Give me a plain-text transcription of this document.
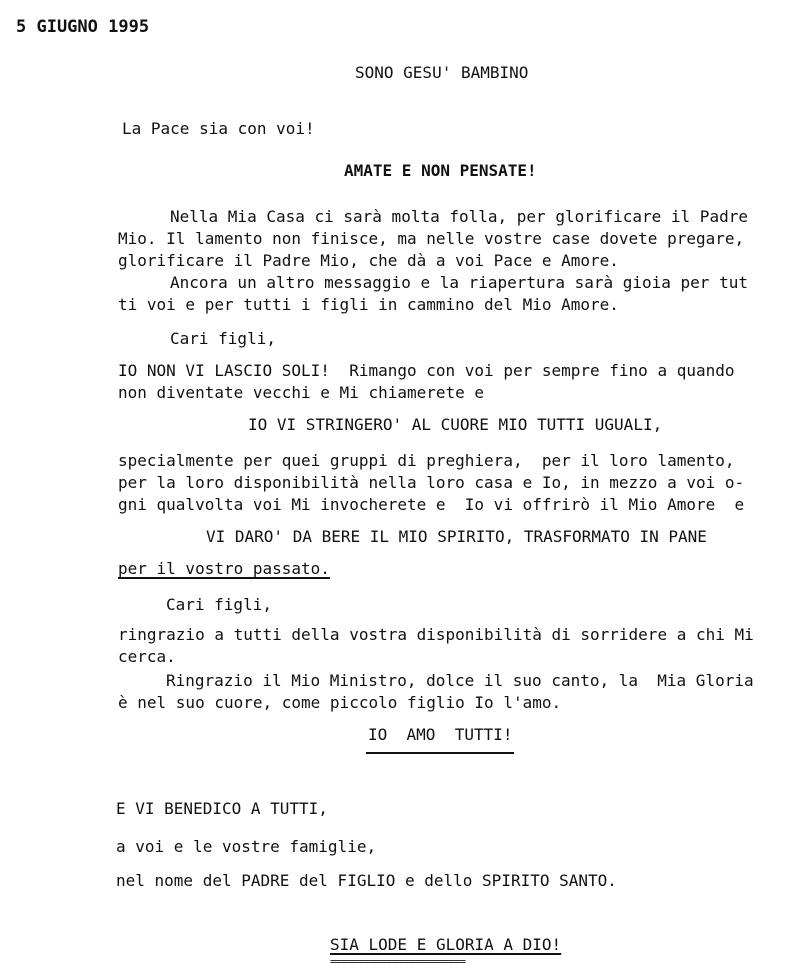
5 GIUGNO 1995
SONO GESU' BAMBINO
La Pace sia con voi!
AMATE E NON PENSATE!
Nella Mia Casa ci sarà molta folla, per glorificare il Padre
Mio. Il lamento non finisce, ma nelle vostre case dovete pregare,
glorificare il Padre Mio, che dà a voi Pace e Amore.
Ancora un altro messaggio e la riapertura sarà gioia per tut
ti voi e per tutti i figli in cammino del Mio Amore.
Cari figli,
IO NON VI LASCIO SOLI!  Rimango con voi per sempre fino a quando
non diventate vecchi e Mi chiamerete e
IO VI STRINGERO' AL CUORE MIO TUTTI UGUALI,
specialmente per quei gruppi di preghiera,  per il loro lamento,
per la loro disponibilità nella loro casa e Io, in mezzo a voi o-
gni qualvolta voi Mi invocherete e  Io vi offrirò il Mio Amore  e
VI DARO' DA BERE IL MIO SPIRITO, TRASFORMATO IN PANE
per il vostro passato.
Cari figli,
ringrazio a tutti della vostra disponibilità di sorridere a chi Mi
cerca.
Ringrazio il Mio Ministro, dolce il suo canto, la  Mia Gloria
è nel suo cuore, come piccolo figlio Io l'amo.
IO  AMO  TUTTI!
E VI BENEDICO A TUTTI,
a voi e le vostre famiglie,
nel nome del PADRE del FIGLIO e dello SPIRITO SANTO.
SIA LODE E GLORIA A DIO!
========================
